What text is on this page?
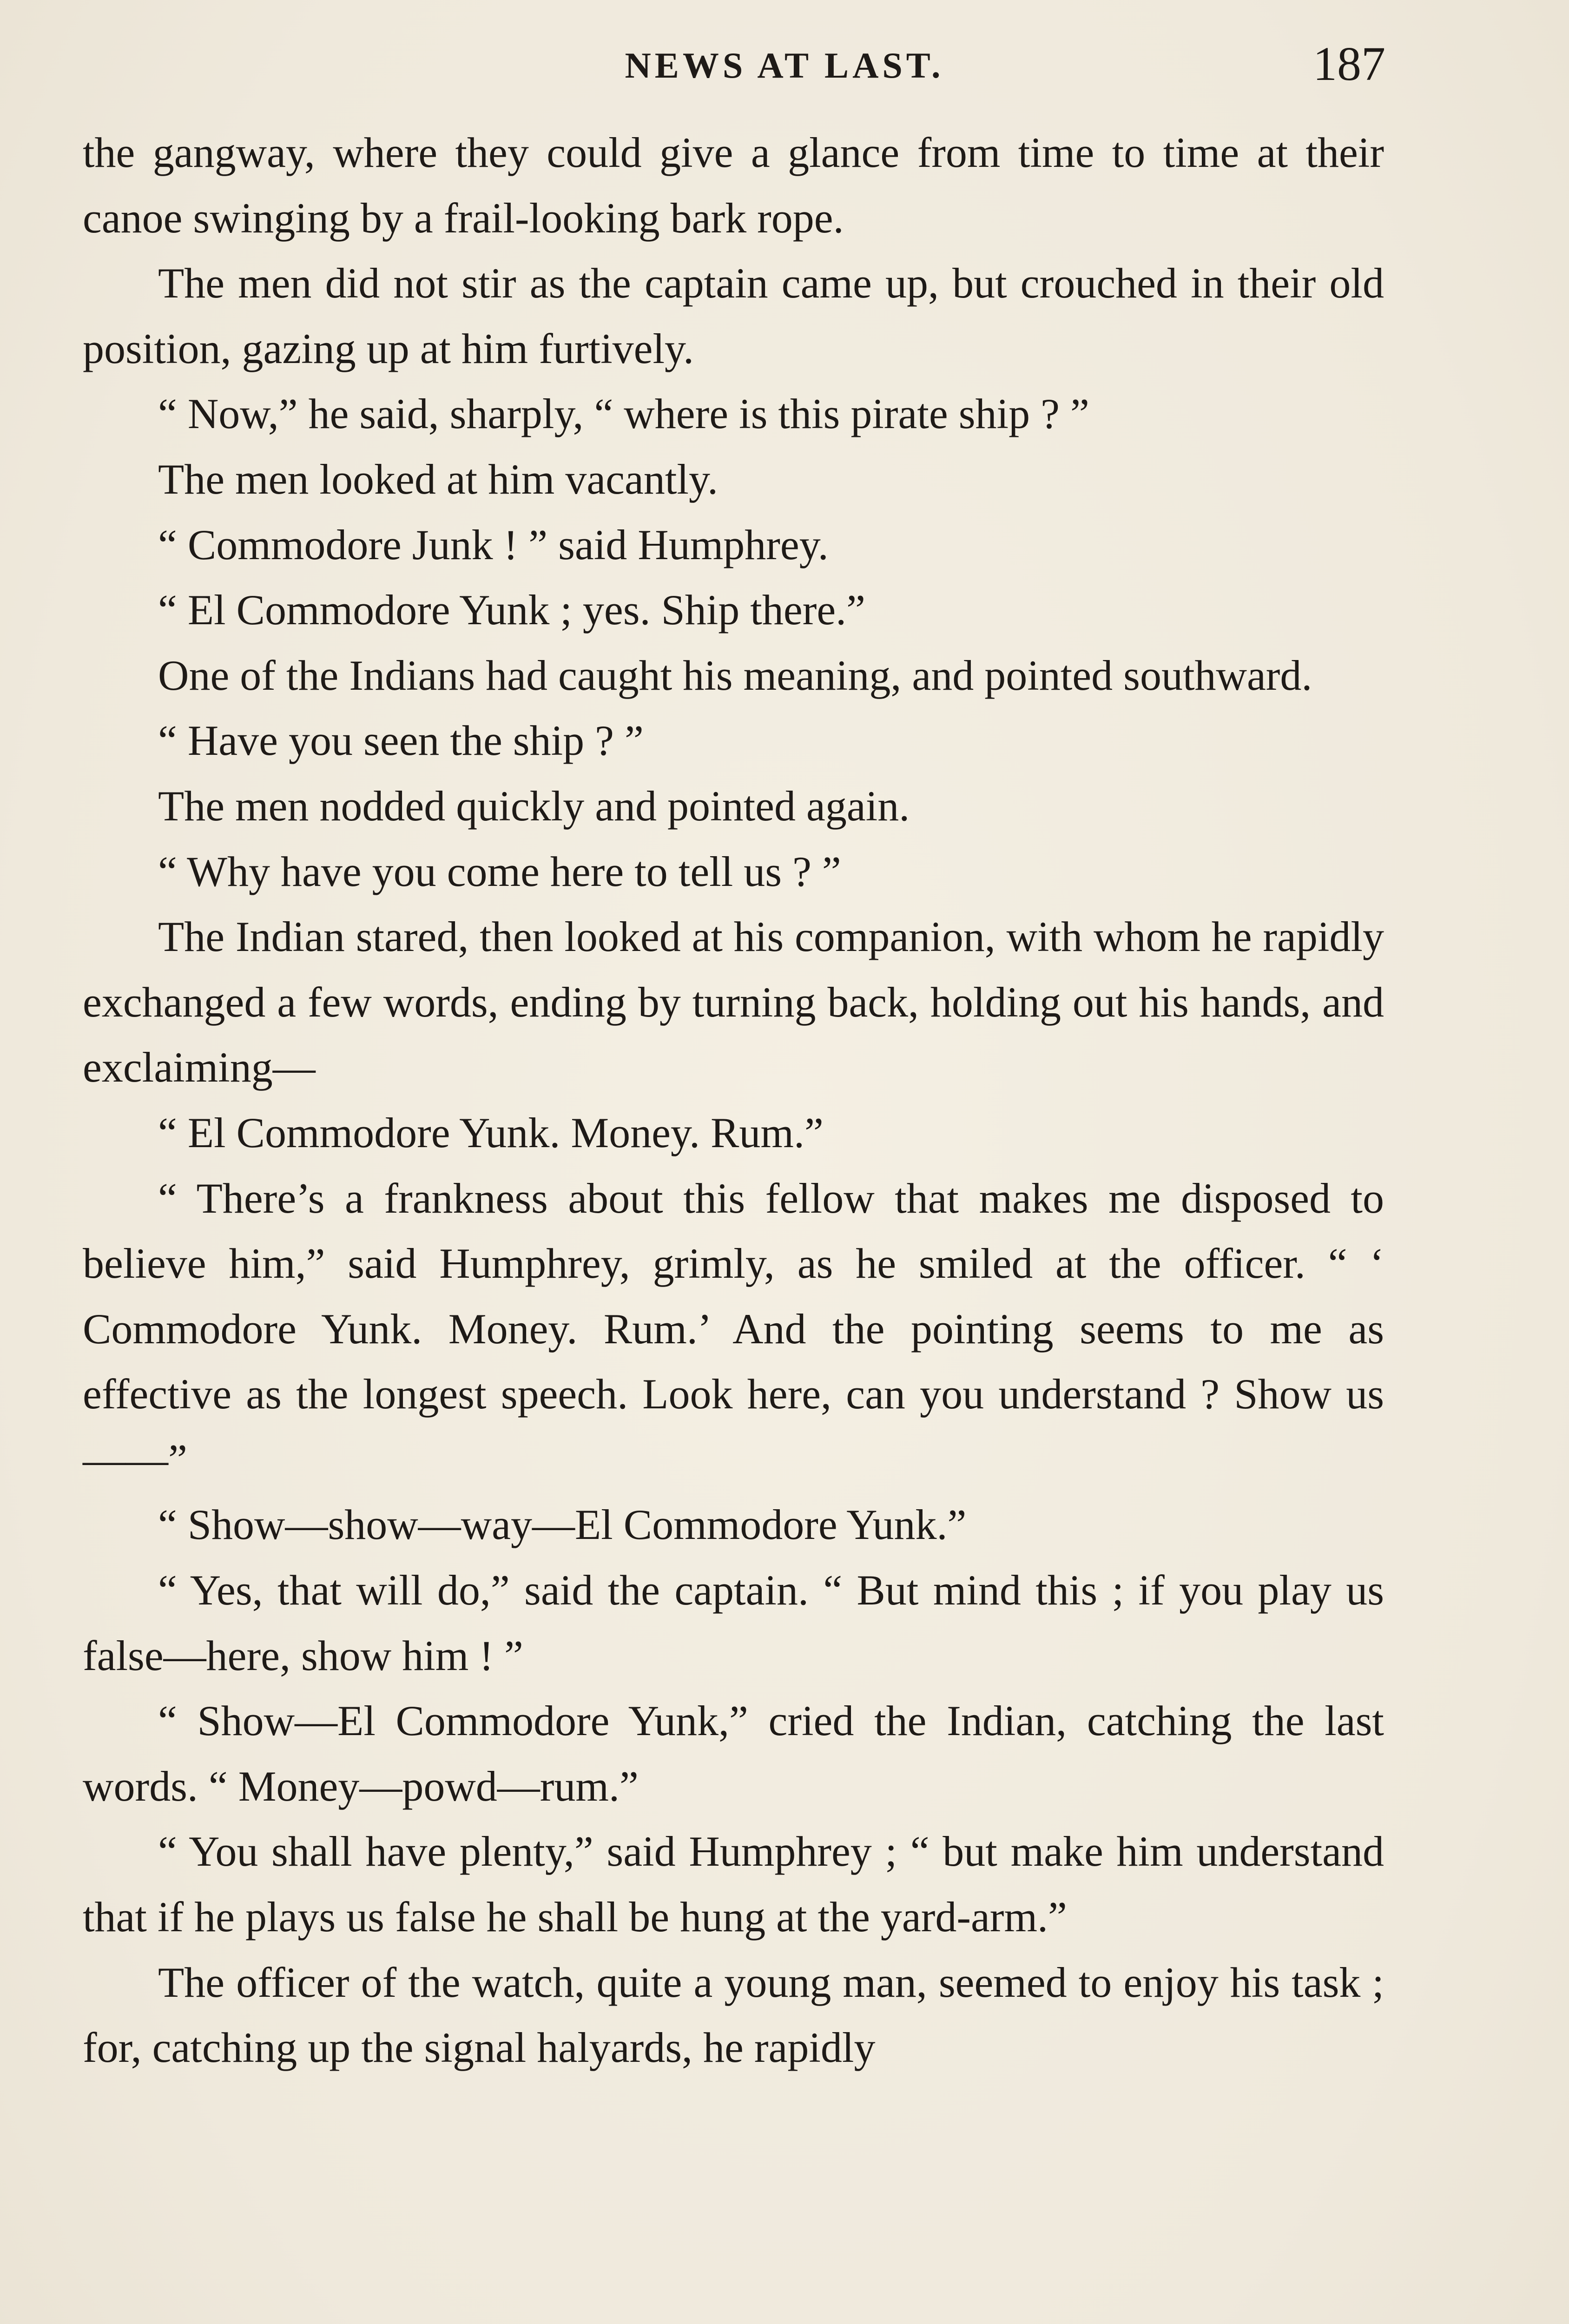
NEWS AT LAST.	187

the gangway, where they could give a glance from time to time at their canoe swinging by a frail-looking bark rope.

The men did not stir as the captain came up, but crouched in their old position, gazing up at him furtively.

“ Now,” he said, sharply, “ where is this pirate ship ? ”

The men looked at him vacantly.

“ Commodore Junk ! ” said Humphrey.

“ El Commodore Yunk ; yes. Ship there.”

One of the Indians had caught his meaning, and pointed southward.

“ Have you seen the ship ? ”

The men nodded quickly and pointed again.

“ Why have you come here to tell us ? ”

The Indian stared, then looked at his companion, with whom he rapidly exchanged a few words, ending by turning back, holding out his hands, and exclaiming—

“ El Commodore Yunk. Money. Rum.”

“ There’s a frankness about this fellow that makes me disposed to believe him,” said Humphrey, grimly, as he smiled at the officer. “ ‘ Commodore Yunk. Money. Rum.’ And the pointing seems to me as effective as the longest speech. Look here, can you understand ? Show us——”

“ Show—show—way—El Commodore Yunk.”

“ Yes, that will do,” said the captain. “ But mind this ; if you play us false—here, show him ! ”

“ Show—El Commodore Yunk,” cried the Indian, catching the last words. “ Money—powd—rum.”

“ You shall have plenty,” said Humphrey ; “ but make him understand that if he plays us false he shall be hung at the yard-arm.”

The officer of the watch, quite a young man, seemed to enjoy his task ; for, catching up the signal halyards, he rapidly
